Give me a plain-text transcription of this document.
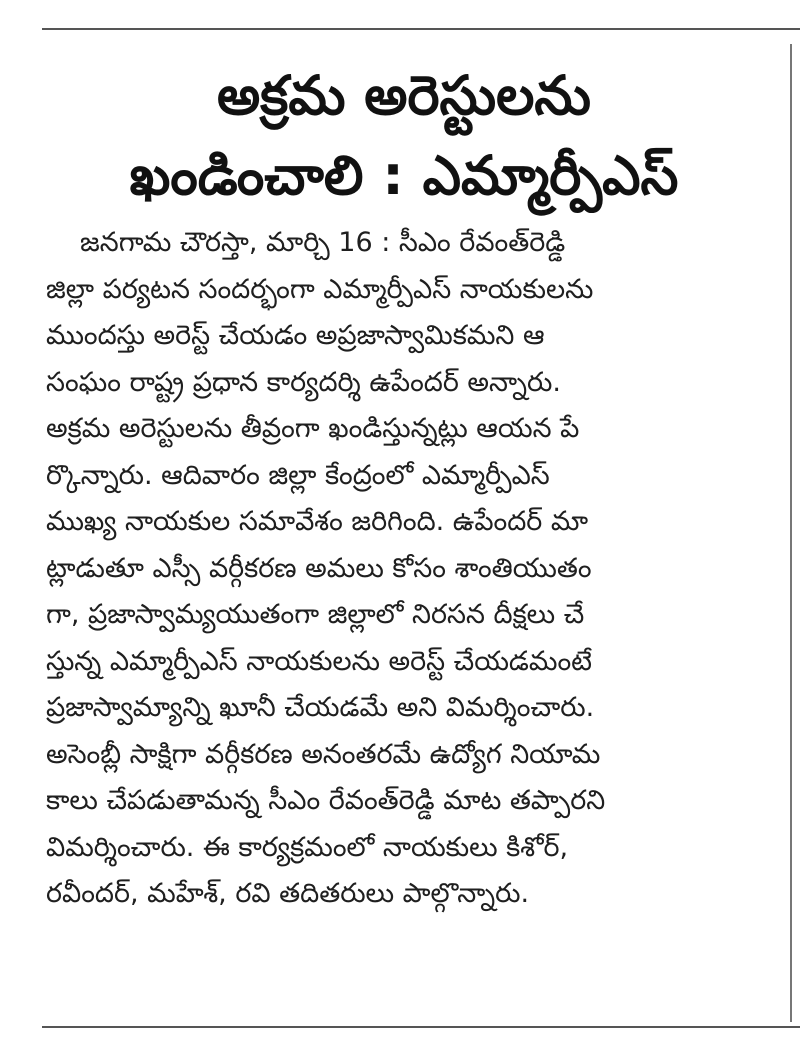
అక్రమ అరెస్టులను
ఖండించాలి : ఎమ్మార్పీఎస్
జనగామ చౌరస్తా, మార్చి 16 : సీఎం రేవంత్‌రెడ్డి
జిల్లా పర్యటన సందర్భంగా ఎమ్మార్పీఎస్ నాయకులను
ముందస్తు అరెస్ట్ చేయడం అప్రజాస్వామికమని ఆ
సంఘం రాష్ట్ర ప్రధాన కార్యదర్శి ఉపేందర్ అన్నారు.
అక్రమ అరెస్టులను తీవ్రంగా ఖండిస్తున్నట్లు ఆయన పే
ర్కొన్నారు. ఆదివారం జిల్లా కేంద్రంలో ఎమ్మార్పీఎస్
ముఖ్య నాయకుల సమావేశం జరిగింది. ఉపేందర్ మా
ట్లాడుతూ ఎస్సీ వర్గీకరణ అమలు కోసం శాంతియుతం
గా, ప్రజాస్వామ్యయుతంగా జిల్లాలో నిరసన దీక్షలు చే
స్తున్న ఎమ్మార్పీఎస్ నాయకులను అరెస్ట్ చేయడమంటే
ప్రజాస్వామ్యాన్ని ఖూనీ చేయడమే అని విమర్శించారు.
అసెంబ్లీ సాక్షిగా వర్గీకరణ అనంతరమే ఉద్యోగ నియామ
కాలు చేపడుతామన్న సీఎం రేవంత్‌రెడ్డి మాట తప్పారని
విమర్శించారు. ఈ కార్యక్రమంలో నాయకులు కిశోర్,
రవీందర్, మహేశ్, రవి తదితరులు పాల్గొన్నారు.
